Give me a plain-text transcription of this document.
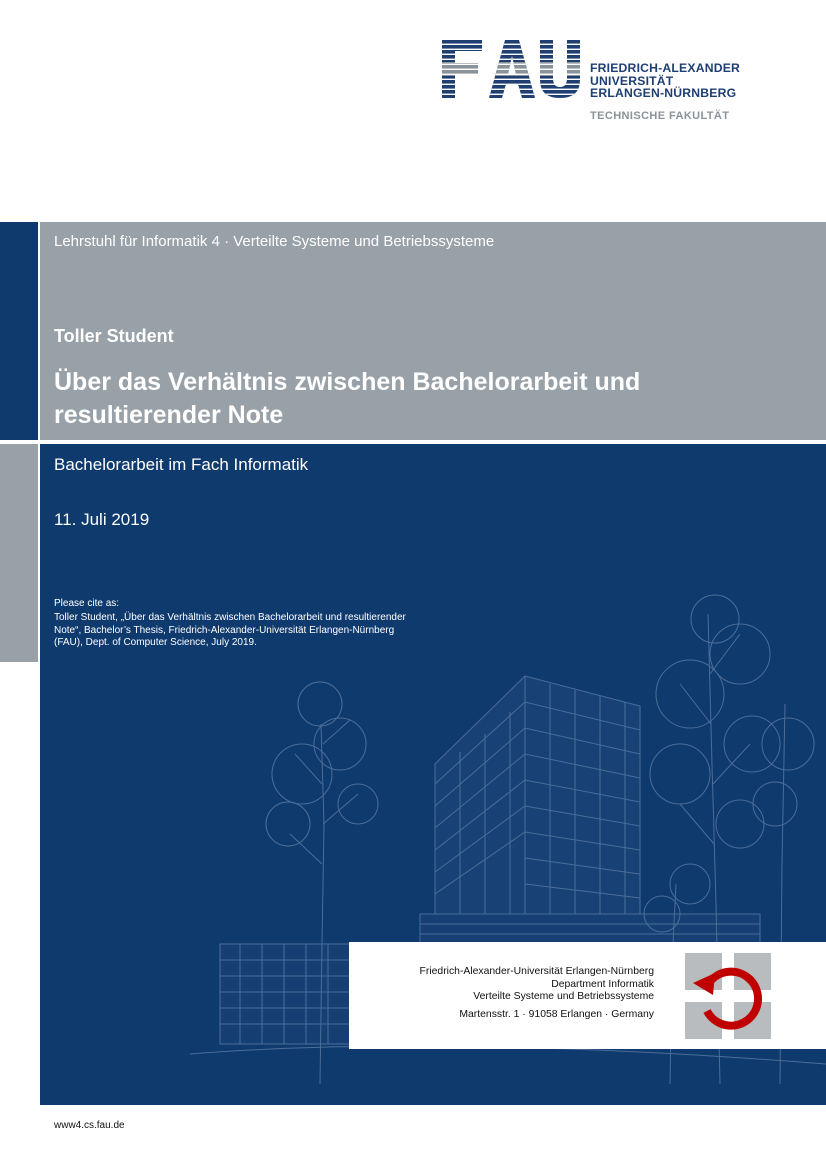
FRIEDRICH-ALEXANDER
UNIVERSITÄT
ERLANGEN-NÜRNBERG
TECHNISCHE FAKULTÄT
Lehrstuhl für Informatik 4 · Verteilte Systeme und Betriebssysteme
Toller Student
Über das Verhältnis zwischen Bachelorarbeit und resultierender Note
Bachelorarbeit im Fach Informatik
11. Juli 2019
Please cite as:
Toller Student, „Über das Verhältnis zwischen Bachelorarbeit und resultierender Note“, Bachelor’s Thesis, Friedrich-Alexander-Universität Erlangen-Nürnberg (FAU), Dept. of Computer Science, July 2019.
Friedrich-Alexander-Universität Erlangen-Nürnberg
Department Informatik
Verteilte Systeme und Betriebssysteme
Martensstr. 1 · 91058 Erlangen · Germany
www4.cs.fau.de
